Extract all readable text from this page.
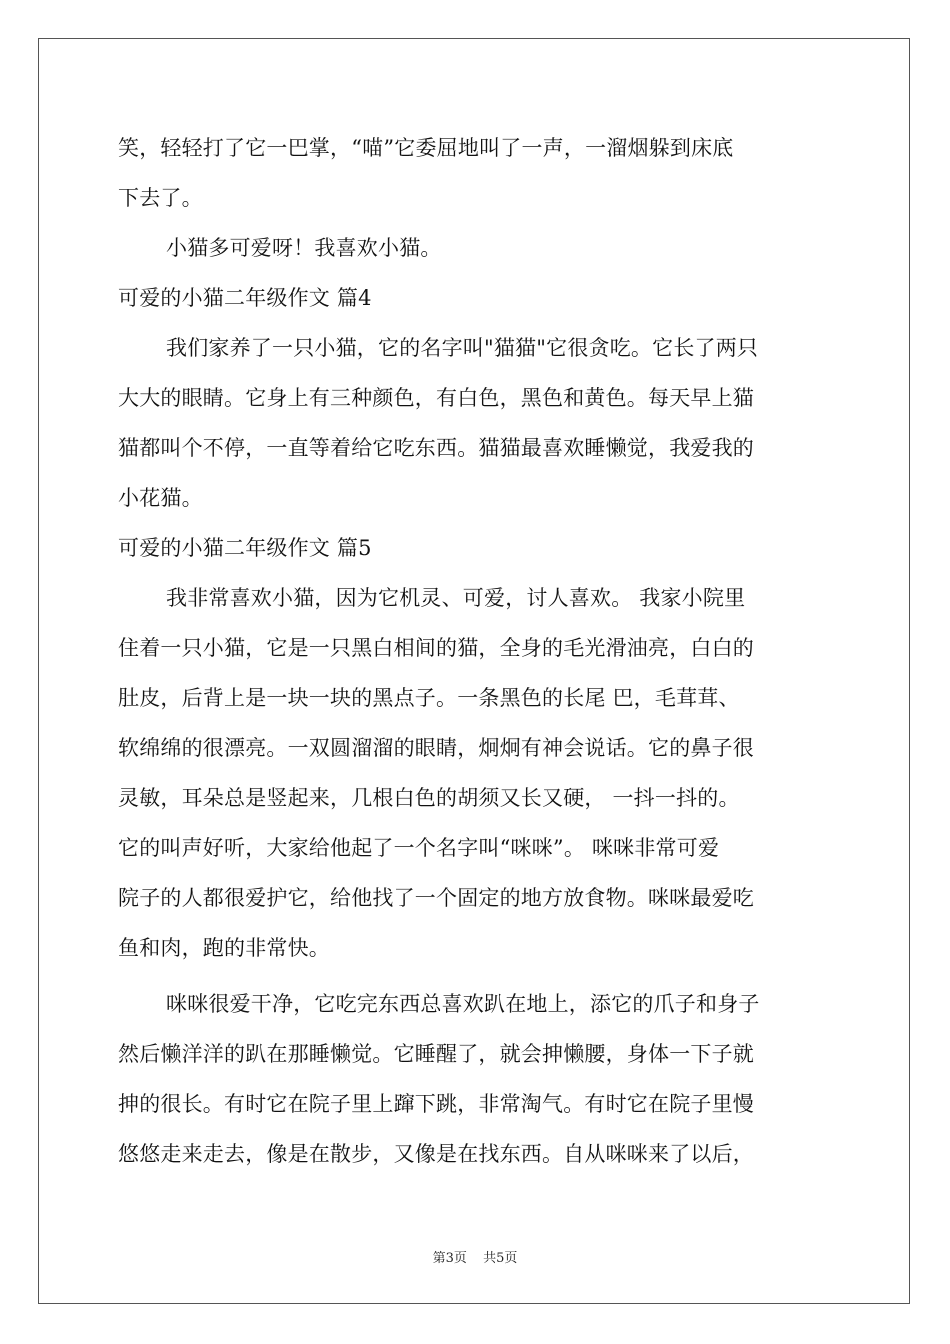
笑，轻轻打了它一巴掌，“喵”它委屈地叫了一声，一溜烟躲到床底
下去了。
小猫多可爱呀！我喜欢小猫。
可爱的小猫二年级作文 篇4
我们家养了一只小猫，它的名字叫"猫猫"它很贪吃。它长了两只
大大的眼睛。它身上有三种颜色，有白色，黑色和黄色。每天早上猫
猫都叫个不停，一直等着给它吃东西。猫猫最喜欢睡懒觉，我爱我的
小花猫。
可爱的小猫二年级作文 篇5
我非常喜欢小猫，因为它机灵、可爱，讨人喜欢。 我家小院里
住着一只小猫，它是一只黑白相间的猫，全身的毛光滑油亮，白白的
肚皮，后背上是一块一块的黑点子。一条黑色的长尾 巴，毛茸茸、
软绵绵的很漂亮。一双圆溜溜的眼睛，炯炯有神会说话。它的鼻子很
灵敏，耳朵总是竖起来，几根白色的胡须又长又硬， 一抖一抖的。
它的叫声好听，大家给他起了一个名字叫“咪咪”。 咪咪非常可爱
院子的人都很爱护它，给他找了一个固定的地方放食物。咪咪最爱吃
鱼和肉，跑的非常快。
咪咪很爱干净，它吃完东西总喜欢趴在地上，添它的爪子和身子
然后懒洋洋的趴在那睡懒觉。它睡醒了，就会抻懒腰，身体一下子就
抻的很长。有时它在院子里上蹿下跳，非常淘气。有时它在院子里慢
悠悠走来走去，像是在散步，又像是在找东西。自从咪咪来了以后，
第3页 共5页
